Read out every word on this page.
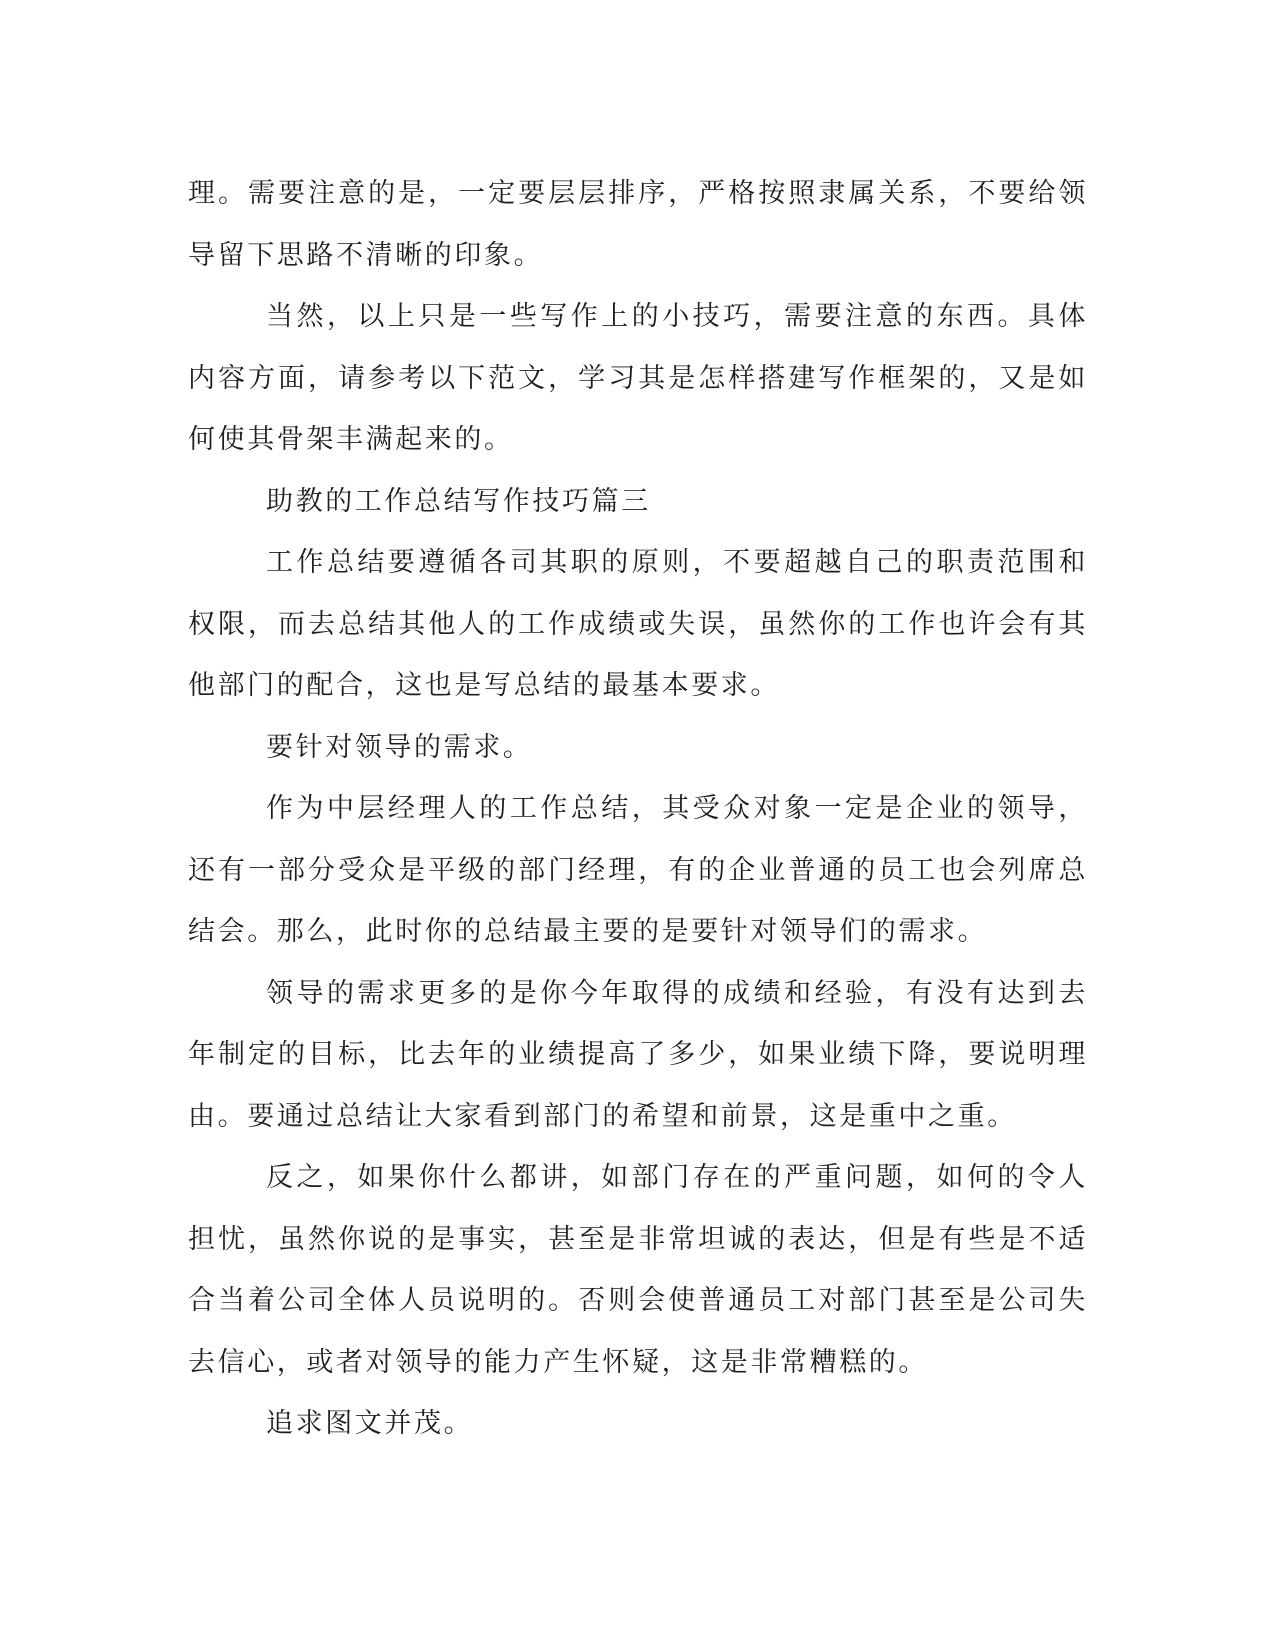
理。需要注意的是，一定要层层排序，严格按照隶属关系，不要给领导留下思路不清晰的印象。

当然，以上只是一些写作上的小技巧，需要注意的东西。具体内容方面，请参考以下范文，学习其是怎样搭建写作框架的，又是如何使其骨架丰满起来的。

助教的工作总结写作技巧篇三

工作总结要遵循各司其职的原则，不要超越自己的职责范围和权限，而去总结其他人的工作成绩或失误，虽然你的工作也许会有其他部门的配合，这也是写总结的最基本要求。

要针对领导的需求。

作为中层经理人的工作总结，其受众对象一定是企业的领导，还有一部分受众是平级的部门经理，有的企业普通的员工也会列席总结会。那么，此时你的总结最主要的是要针对领导们的需求。

领导的需求更多的是你今年取得的成绩和经验，有没有达到去年制定的目标，比去年的业绩提高了多少，如果业绩下降，要说明理由。要通过总结让大家看到部门的希望和前景，这是重中之重。

反之，如果你什么都讲，如部门存在的严重问题，如何的令人担忧，虽然你说的是事实，甚至是非常坦诚的表达，但是有些是不适合当着公司全体人员说明的。否则会使普通员工对部门甚至是公司失去信心，或者对领导的能力产生怀疑，这是非常糟糕的。

追求图文并茂。
